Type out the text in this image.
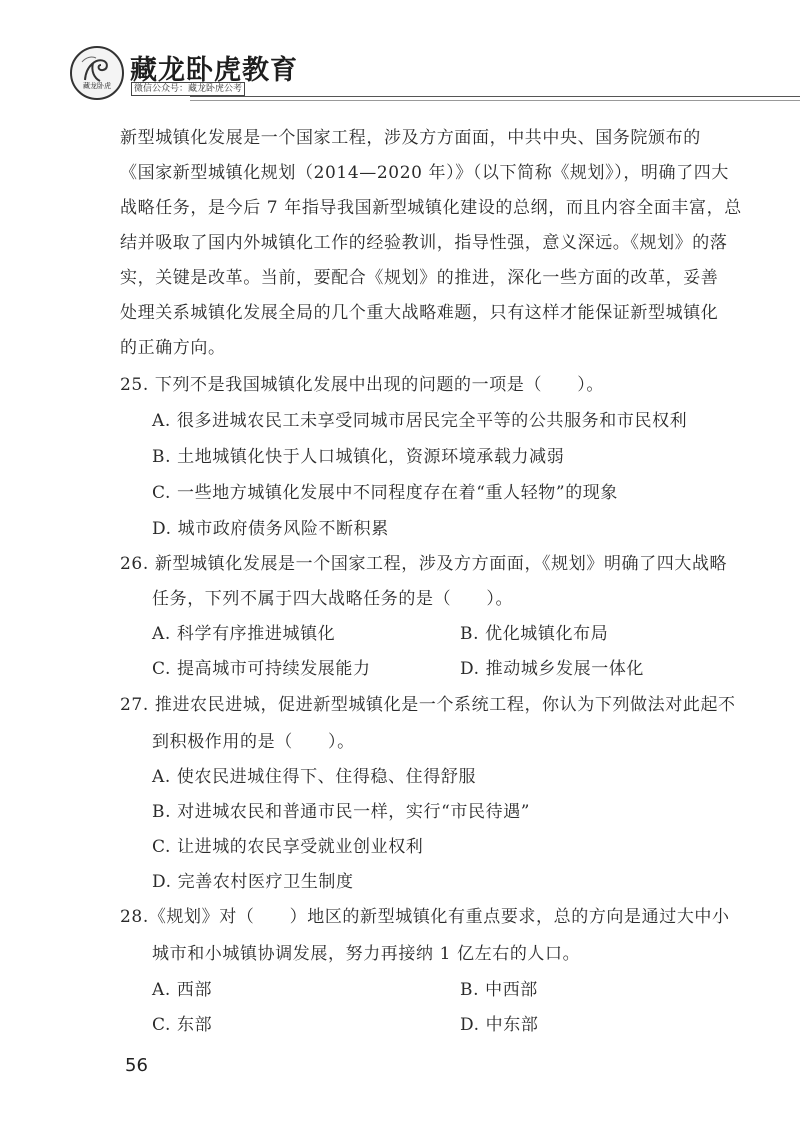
藏龙卧虎 藏龙卧虎教育
微信公众号：藏龙卧虎公考
新型城镇化发展是一个国家工程，涉及方方面面，中共中央、国务院颁布的
《国家新型城镇化规划（2014—2020 年）》（以下简称《规划》），明确了四大
战略任务，是今后 7 年指导我国新型城镇化建设的总纲，而且内容全面丰富，总
结并吸取了国内外城镇化工作的经验教训，指导性强，意义深远。《规划》的落
实，关键是改革。当前，要配合《规划》的推进，深化一些方面的改革，妥善
处理关系城镇化发展全局的几个重大战略难题，只有这样才能保证新型城镇化
的正确方向。
25. 下列不是我国城镇化发展中出现的问题的一项是（　　）。
A. 很多进城农民工未享受同城市居民完全平等的公共服务和市民权利
B. 土地城镇化快于人口城镇化，资源环境承载力减弱
C. 一些地方城镇化发展中不同程度存在着“重人轻物”的现象
D. 城市政府债务风险不断积累
26. 新型城镇化发展是一个国家工程，涉及方方面面，《规划》明确了四大战略
任务，下列不属于四大战略任务的是（　　）。
A. 科学有序推进城镇化	B. 优化城镇化布局
C. 提高城市可持续发展能力	D. 推动城乡发展一体化
27. 推进农民进城，促进新型城镇化是一个系统工程，你认为下列做法对此起不
到积极作用的是（　　）。
A. 使农民进城住得下、住得稳、住得舒服
B. 对进城农民和普通市民一样，实行“市民待遇”
C. 让进城的农民享受就业创业权利
D. 完善农村医疗卫生制度
28.《规划》对（　　）地区的新型城镇化有重点要求，总的方向是通过大中小
城市和小城镇协调发展，努力再接纳 1 亿左右的人口。
A. 西部	B. 中西部
C. 东部	D. 中东部
56
